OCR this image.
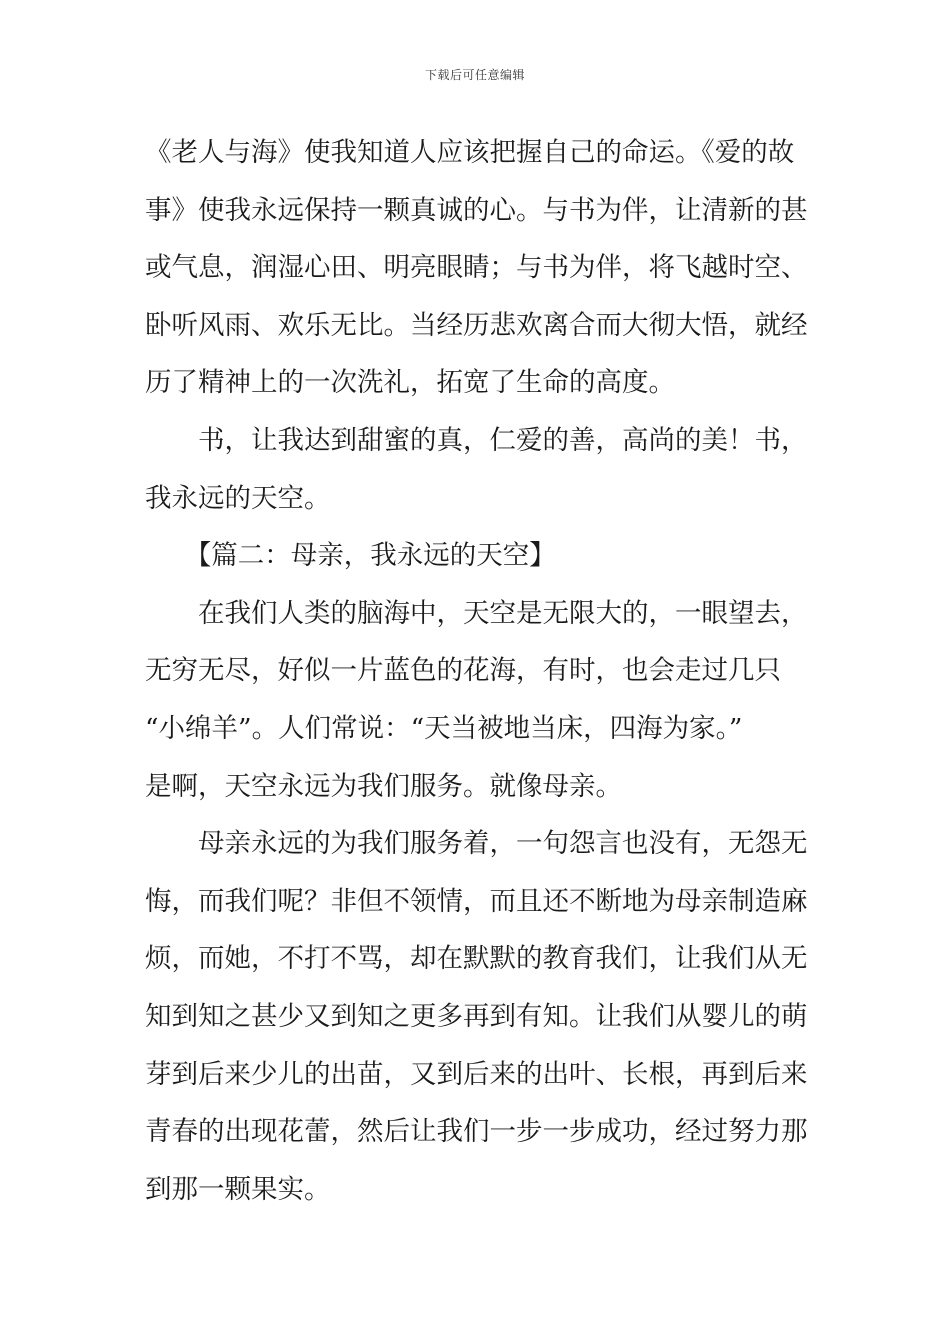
下载后可任意编辑
《老人与海》使我知道人应该把握自己的命运。《爱的故
事》使我永远保持一颗真诚的心。与书为伴，让清新的甚
或气息，润湿心田、明亮眼睛；与书为伴，将飞越时空、
卧听风雨、欢乐无比。当经历悲欢离合而大彻大悟，就经
历了精神上的一次洗礼，拓宽了生命的高度。
　　书，让我达到甜蜜的真，仁爱的善，高尚的美！书，
我永远的天空。
　　【篇二：母亲，我永远的天空】
　　在我们人类的脑海中，天空是无限大的，一眼望去，
无穷无尽，好似一片蓝色的花海，有时，也会走过几只
“小绵羊”。人们常说：“天当被地当床，四海为家。”
是啊，天空永远为我们服务。就像母亲。
　　母亲永远的为我们服务着，一句怨言也没有，无怨无
悔，而我们呢？非但不领情，而且还不断地为母亲制造麻
烦，而她，不打不骂，却在默默的教育我们，让我们从无
知到知之甚少又到知之更多再到有知。让我们从婴儿的萌
芽到后来少儿的出苗，又到后来的出叶、长根，再到后来
青春的出现花蕾，然后让我们一步一步成功，经过努力那
到那一颗果实。
